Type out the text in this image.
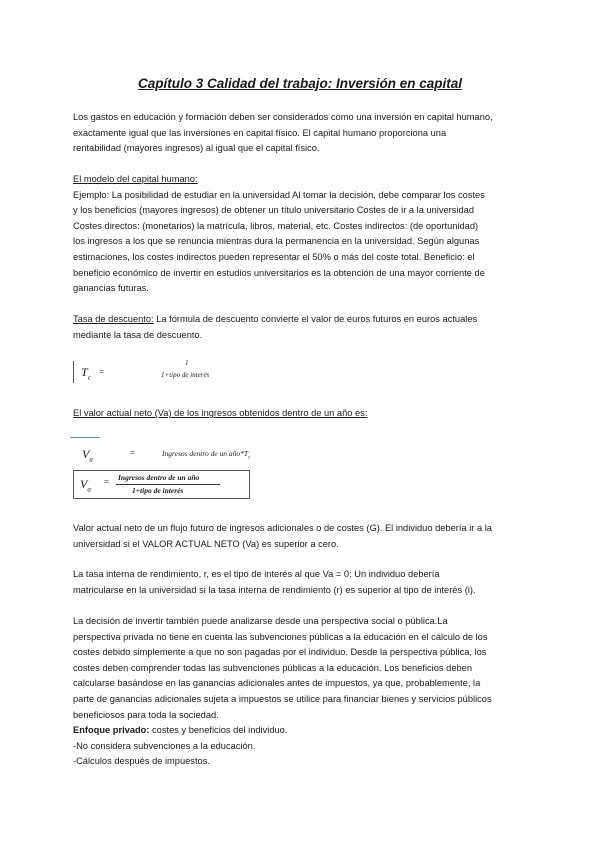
Capítulo 3 Calidad del trabajo: Inversión en capital
Los gastos en educación y formación deben ser considerados como una inversión en capital humano,
exactamente igual que las inversiones en capital físico. El capital humano proporciona una
rentabilidad (mayores ingresos) al igual que el capital físico.
El modelo del capital humano:
Ejemplo: La posibilidad de estudiar en la universidad Al tomar la decisión, debe comparar los costes
y los beneficios (mayores ingresos) de obtener un título universitario Costes de ir a la universidad
Costes directos: (monetarios) la matrícula, libros, material, etc. Costes indirectos: (de oportunidad)
los ingresos a los que se renuncia mientras dura la permanencia en la universidad. Según algunas
estimaciones, los costes indirectos pueden representar el 50% o más del coste total. Beneficio: el
beneficio económico de invertir en estudios universitarios es la obtención de una mayor corriente de
ganancias futuras.
Tasa de descuento: La fórmula de descuento convierte el valor de euros futuros en euros actuales
mediante la tasa de descuento.
$T_c$
=
1
1+tipo de interés
El valor actual neto (Va) de los ingresos obtenidos dentro de un año es:
$V_a$
=	Ingresos dentro de un $año*T_c$
$V_a$
= Ingresos dentro de un año
1+tipo de interés
Valor actual neto de un flujo futuro de ingresos adicionales o de costes (G). El individuo debería ir a la
universidad si el VALOR ACTUAL NETO (Va) es superior a cero.
La tasa interna de rendimiento, r, es el tipo de interés al que Va = 0: Un individuo debería
matricularse en la universidad si la tasa interna de rendimiento (r) es superior al tipo de interés (i).
La decisión de invertir también puede analizarse desde una perspectiva social o pública.La
perspectiva privada no tiene en cuenta las subvenciones públicas a la educación en el cálculo de los
costes debido simplemente a que no son pagadas por el individuo. Desde la perspectiva pública, los
costes deben comprender todas las subvenciones públicas a la educación. Los beneficios deben
calcularse basándose en las ganancias adicionales antes de impuestos, ya que, probablemente, la
parte de ganancias adicionales sujeta a impuestos se utilice para financiar bienes y servicios públicos
beneficiosos para toda la sociedad.
Enfoque privado: costes y beneficios del individuo.
-No considera subvenciones a la educación.
-Cálculos después de impuestos.
